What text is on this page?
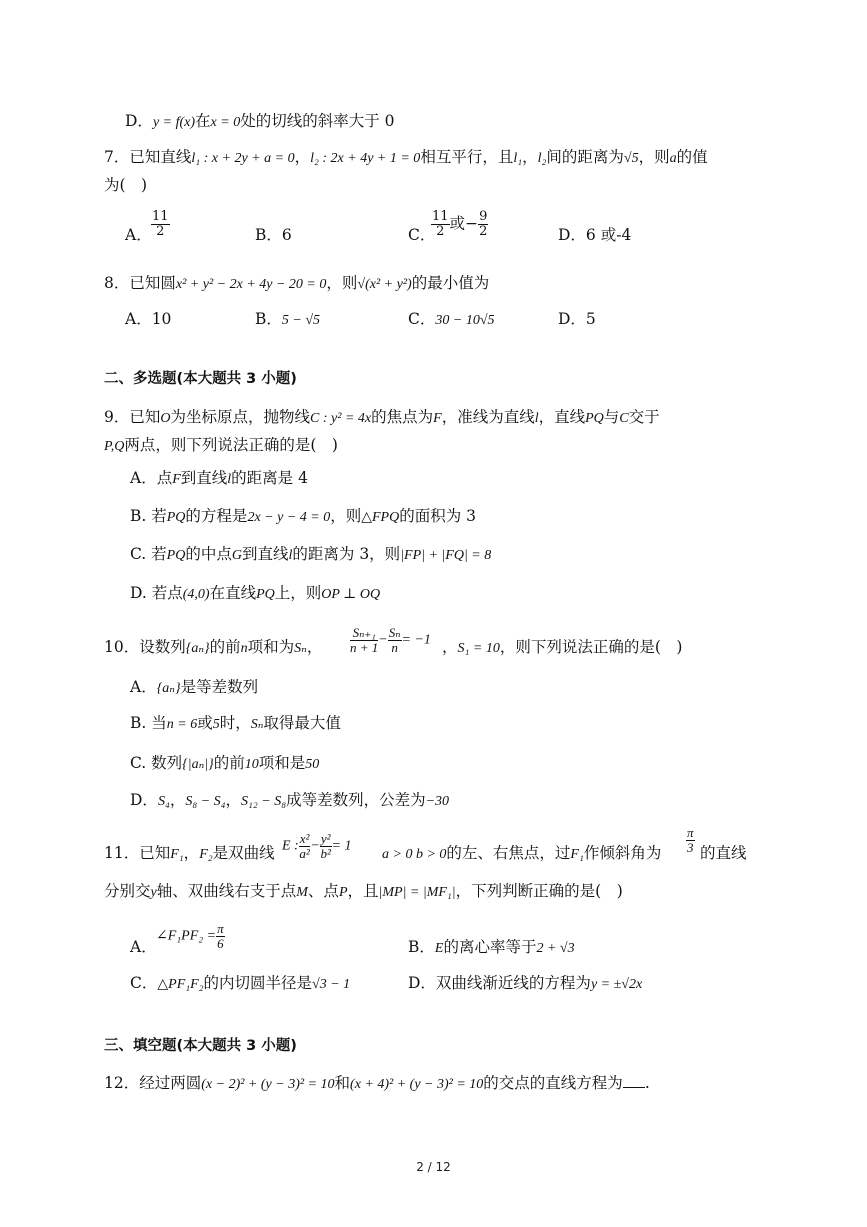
D．y = f(x)在x = 0处的切线的斜率大于 0
7．已知直线l₁ : x + 2y + a = 0，l₂ : 2x + 4y + 1 = 0相互平行，且l₁，l₂间的距离为√5，则a的值
为(　)
A． $\frac{11}{2}$	B．6	C．
$\frac{11}{2}$ 或− $\frac{9}{2}$	D．6 或-4
8．已知圆x² + y² − 2x + 4y − 20 = 0，则√(x² + y²)的最小值为
A．10	B．5 − √5	C．30 − 10√5	D．5
二、多选题(本大题共 3 小题)
9．已知O为坐标原点，抛物线C : y² = 4x的焦点为F，准线为直线l，直线PQ与C交于
P,Q两点，则下列说法正确的是(　)
A．点F到直线l的距离是 4
B. 若PQ的方程是2x − y − 4 = 0，则△FPQ的面积为 3
C. 若PQ的中点G到直线l的距离为 3，则|FP| + |FQ| = 8
D. 若点(4,0)在直线PQ上，则OP ⊥ OQ
10．设数列{aₙ}的前n项和为Sₙ， $\frac{\text{Sₙ₊₁}}{n + 1} - \frac{\text{Sₙ}}{n} = -1$ ，S₁ = 10，则下列说法正确的是(　)
A．{aₙ}是等差数列
B. 当n = 6或5时，Sₙ取得最大值
C. 数列{|aₙ|}的前10项和是50
D．S₄，S₈ − S₄，S₁₂ − S₈成等差数列，公差为−30
11．已知F₁，F₂是双曲线 E : $\frac{\text{x²}}{\text{a²}} - \frac{\text{y²}}{\text{b²}} = 1$
a > 0 b > 0的左、右焦点，过F₁作倾斜角为 $\frac{\pi}{3}$ 的直线
分别交y轴、双曲线右支于点M、点P，且|MP| = |MF₁|，下列判断正确的是(　)
A．
∠F₁PF₂ = $\frac{\pi}{6}$	B．E的离心率等于2 + √3
C．△PF₁F₂的内切圆半径是√3 − 1	D．双曲线渐近线的方程为y = ±√2x
三、填空题(本大题共 3 小题)
12．经过两圆(x − 2)² + (y − 3)² = 10和(x + 4)² + (y − 3)² = 10的交点的直线方程为 .
2 / 12
